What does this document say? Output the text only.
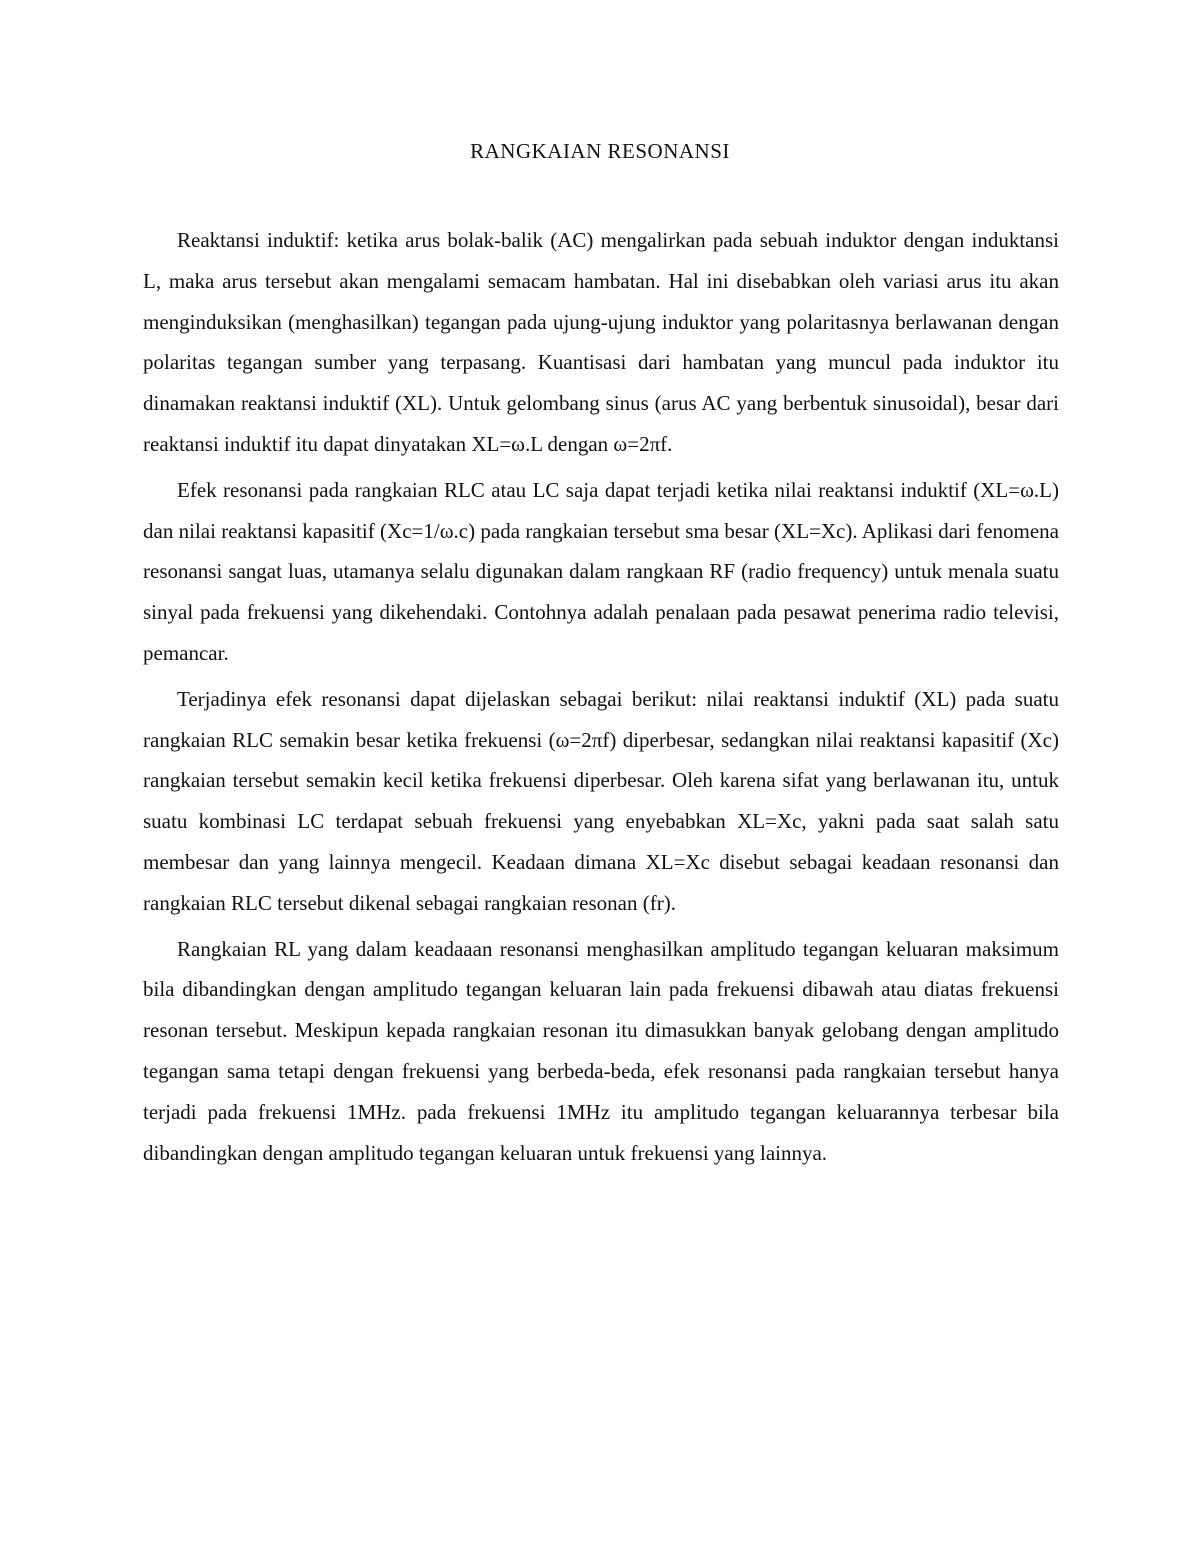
RANGKAIAN RESONANSI

Reaktansi induktif: ketika arus bolak-balik (AC) mengalirkan pada sebuah induktor dengan induktansi L, maka arus tersebut akan mengalami semacam hambatan. Hal ini disebabkan oleh variasi arus itu akan menginduksikan (menghasilkan) tegangan pada ujung-ujung induktor yang polaritasnya berlawanan dengan polaritas tegangan sumber yang terpasang. Kuantisasi dari hambatan yang muncul pada induktor itu dinamakan reaktansi induktif (XL). Untuk gelombang sinus (arus AC yang berbentuk sinusoidal), besar dari reaktansi induktif itu dapat dinyatakan XL=ω.L dengan ω=2πf.

Efek resonansi pada rangkaian RLC atau LC saja dapat terjadi ketika nilai reaktansi induktif (XL=ω.L) dan nilai reaktansi kapasitif (Xc=1/ω.c) pada rangkaian tersebut sma besar (XL=Xc). Aplikasi dari fenomena resonansi sangat luas, utamanya selalu digunakan dalam rangkaan RF (radio frequency) untuk menala suatu sinyal pada frekuensi yang dikehendaki. Contohnya adalah penalaan pada pesawat penerima radio televisi, pemancar.

Terjadinya efek resonansi dapat dijelaskan sebagai berikut: nilai reaktansi induktif (XL) pada suatu rangkaian RLC semakin besar ketika frekuensi (ω=2πf) diperbesar, sedangkan nilai reaktansi kapasitif (Xc) rangkaian tersebut semakin kecil ketika frekuensi diperbesar. Oleh karena sifat yang berlawanan itu, untuk suatu kombinasi LC terdapat sebuah frekuensi yang enyebabkan XL=Xc, yakni pada saat salah satu membesar dan yang lainnya mengecil. Keadaan dimana XL=Xc disebut sebagai keadaan resonansi dan rangkaian RLC tersebut dikenal sebagai rangkaian resonan (fr).

Rangkaian RL yang dalam keadaaan resonansi menghasilkan amplitudo tegangan keluaran maksimum bila dibandingkan dengan amplitudo tegangan keluaran lain pada frekuensi dibawah atau diatas frekuensi resonan tersebut. Meskipun kepada rangkaian resonan itu dimasukkan banyak gelobang dengan amplitudo tegangan sama tetapi dengan frekuensi yang berbeda-beda, efek resonansi pada rangkaian tersebut hanya terjadi pada frekuensi 1MHz. pada frekuensi 1MHz itu amplitudo tegangan keluarannya terbesar bila dibandingkan dengan amplitudo tegangan keluaran untuk frekuensi yang lainnya.
